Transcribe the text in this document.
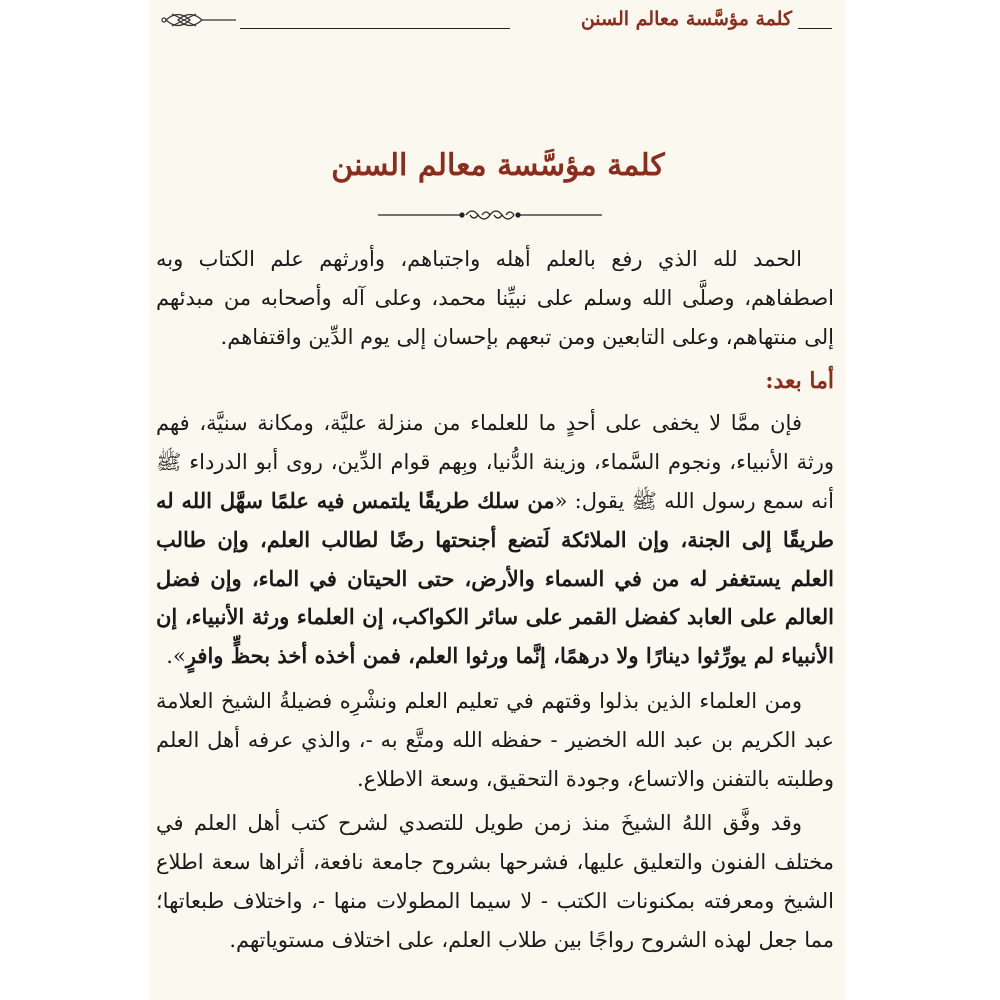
كلمة مؤسَّسة معالم السنن
كلمة مؤسَّسة معالم السنن

الحمد لله الذي رفع بالعلم أهله واجتباهم، وأورثهم علم الكتاب وبه اصطفاهم، وصلَّى الله وسلم على نبيِّنا محمد، وعلى آله وأصحابه من مبدئهم إلى منتهاهم، وعلى التابعين ومن تبعهم بإحسان إلى يوم الدِّين واقتفاهم.

أما بعد:

فإن ممَّا لا يخفى على أحدٍ ما للعلماء من منزلة عليَّة، ومكانة سنيَّة، فهم ورثة الأنبياء، ونجوم السَّماء، وزينة الدُّنيا، وبِهم قوام الدِّين، روى أبو الدرداء ﷺ أنه سمع رسول الله ﷺ يقول: «من سلك طريقًا يلتمس فيه علمًا سهَّل الله له طريقًا إلى الجنة، وإن الملائكة لَتضع أجنحتها رضًا لطالب العلم، وإن طالب العلم يستغفر له من في السماء والأرض، حتى الحيتان في الماء، وإن فضل العالم على العابد كفضل القمر على سائر الكواكب، إن العلماء ورثة الأنبياء، إن الأنبياء لم يورِّثوا دينارًا ولا درهمًا، إنَّما ورثوا العلم، فمن أخذه أخذ بحظٍّ وافرٍ».

ومن العلماء الذين بذلوا وقتهم في تعليم العلم ونشْرِه فضيلةُ الشيخ العلامة عبد الكريم بن عبد الله الخضير - حفظه الله ومتَّع به -، والذي عرفه أهل العلم وطلبته بالتفنن والاتساع، وجودة التحقيق، وسعة الاطلاع.

وقد وفَّق اللهُ الشيخَ منذ زمن طويل للتصدي لشرح كتب أهل العلم في مختلف الفنون والتعليق عليها، فشرحها بشروح جامعة نافعة، أثراها سعة اطلاع الشيخ ومعرفته بمكنونات الكتب - لا سيما المطولات منها -، واختلاف طبعاتها؛ مما جعل لهذه الشروح رواجًا بين طلاب العلم، على اختلاف مستوياتهم.
